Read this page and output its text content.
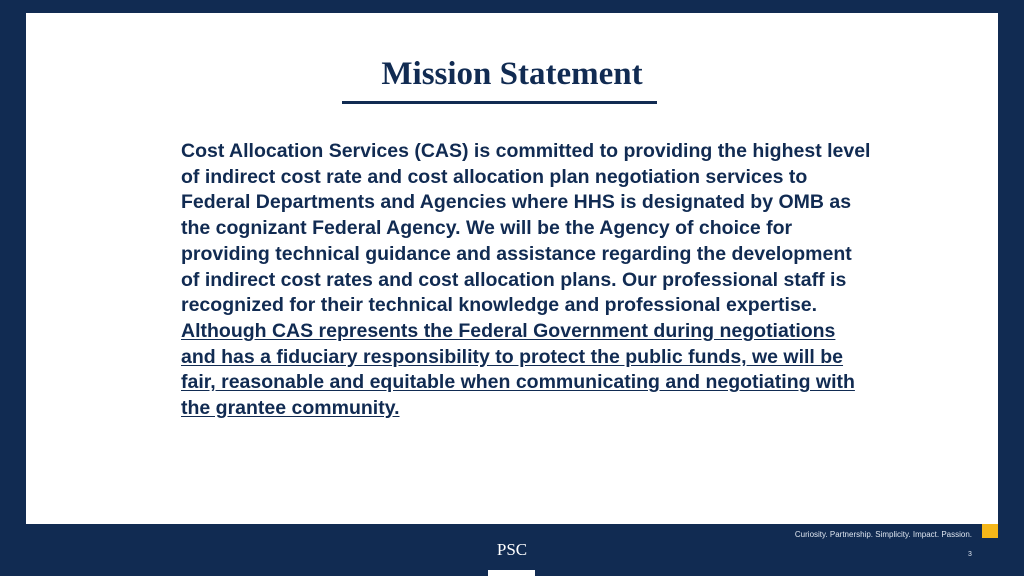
Mission Statement

Cost Allocation Services (CAS) is committed to providing the highest level of indirect cost rate and cost allocation plan negotiation services to Federal Departments and Agencies where HHS is designated by OMB as the cognizant Federal Agency. We will be the Agency of choice for providing technical guidance and assistance regarding the development of indirect cost rates and cost allocation plans. Our professional staff is recognized for their technical knowledge and professional expertise. Although CAS represents the Federal Government during negotiations and has a fiduciary responsibility to protect the public funds, we will be fair, reasonable and equitable when communicating and negotiating with the grantee community.

Curiosity. Partnership. Simplicity. Impact. Passion.
3
PSC
